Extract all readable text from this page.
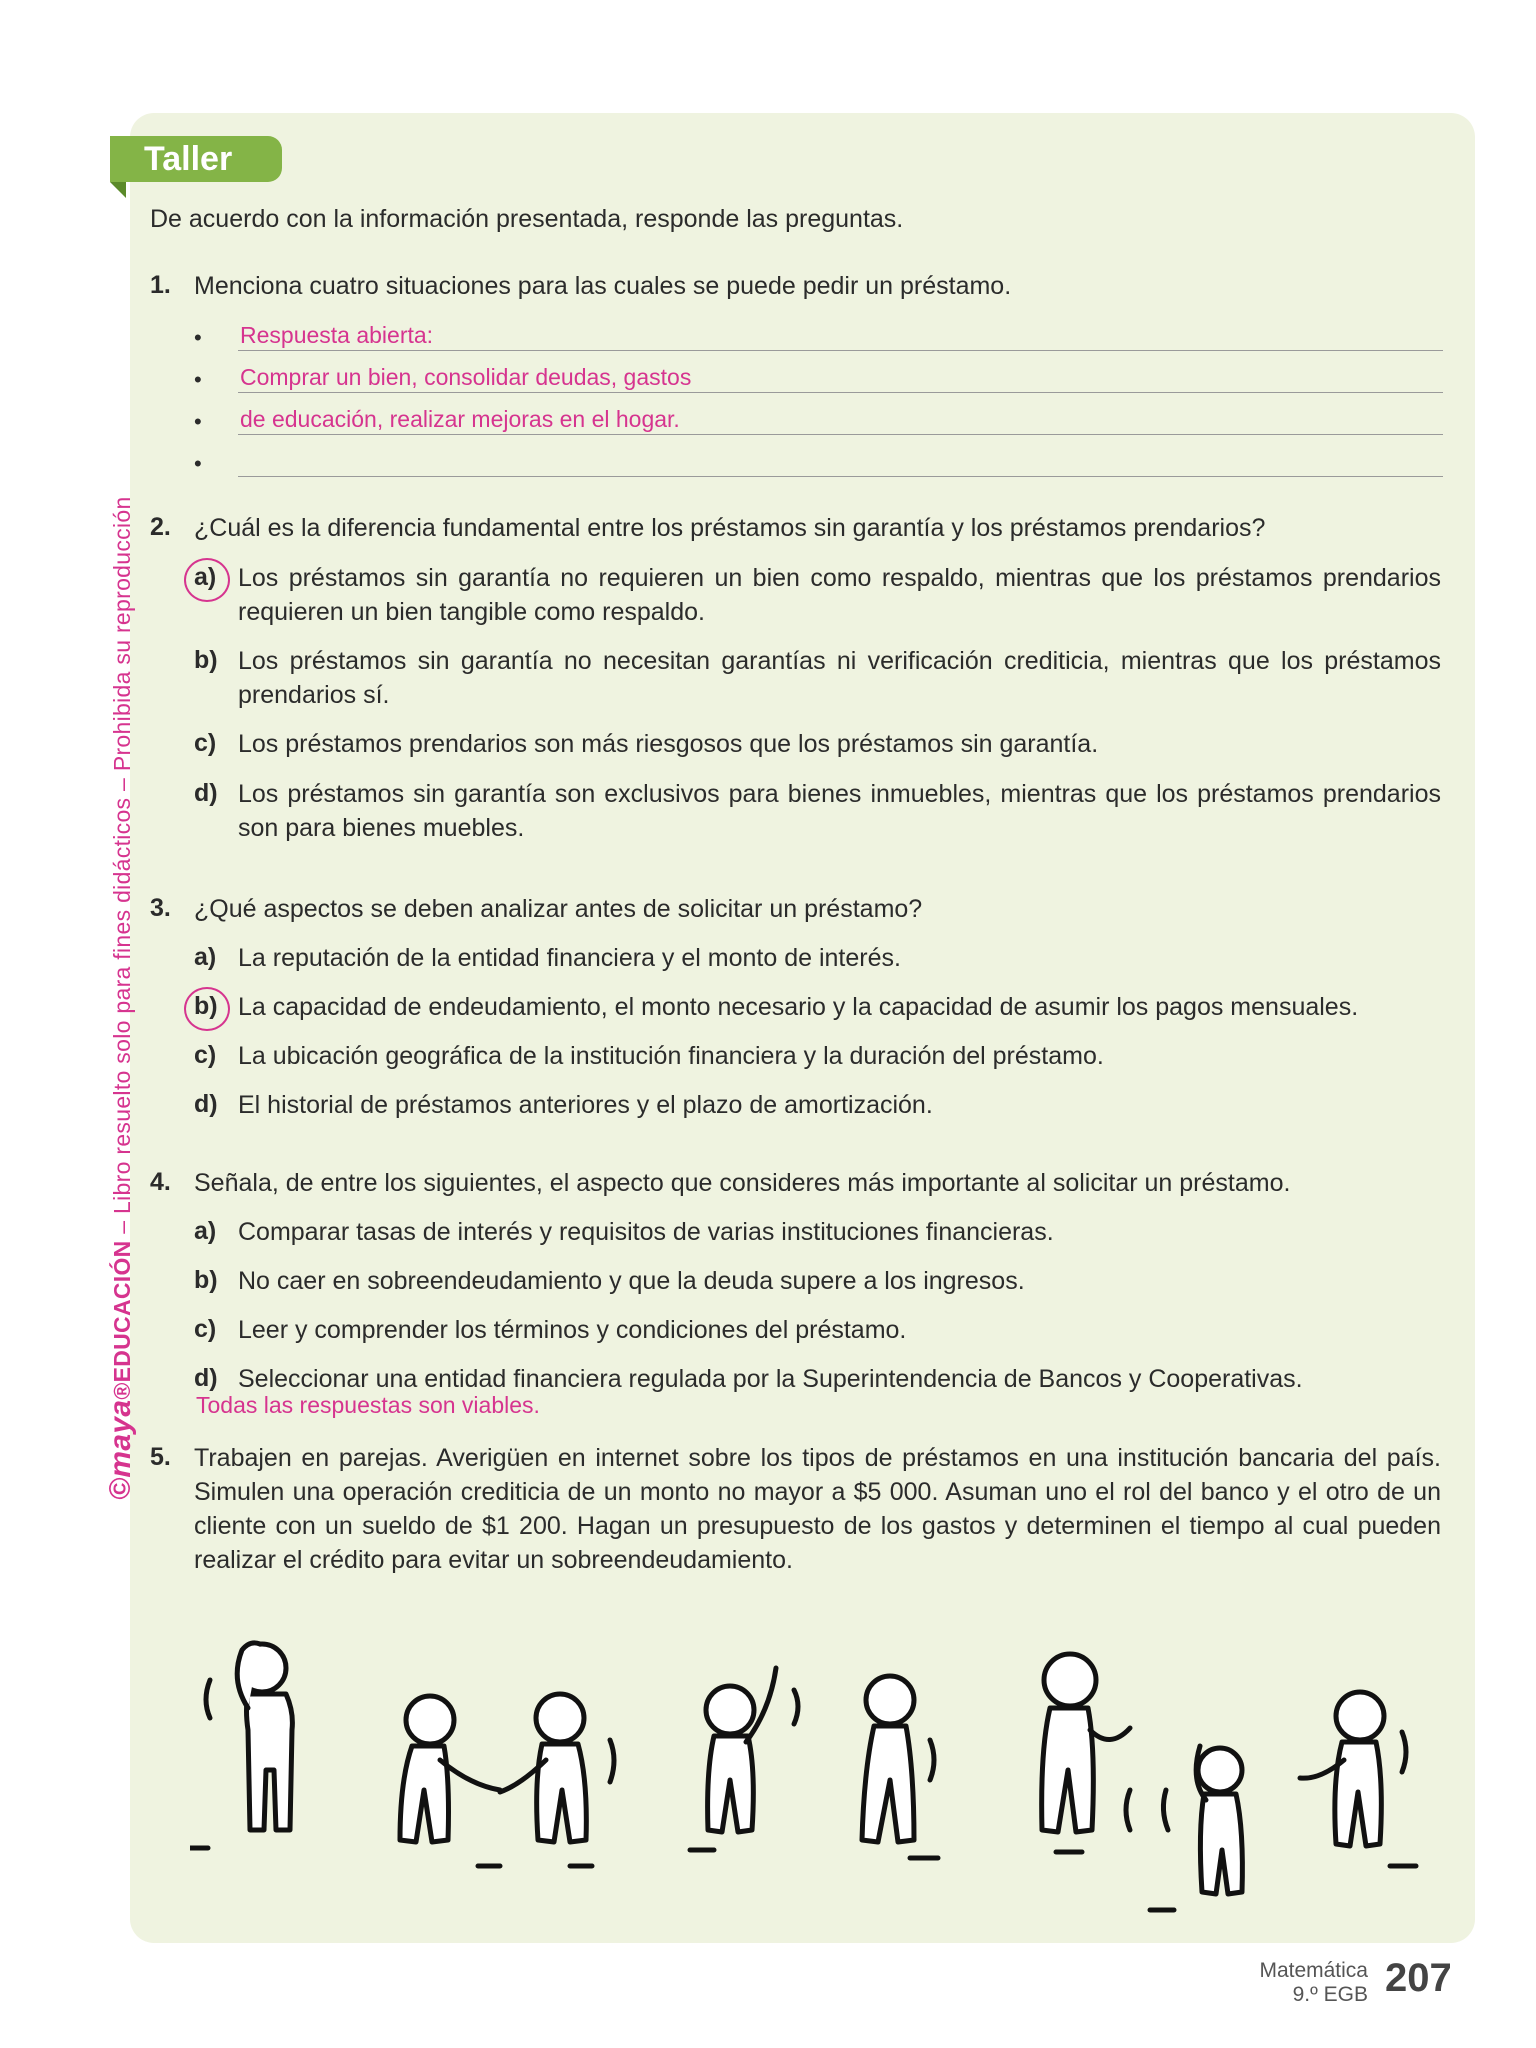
Taller
©maya®EDUCACIÓN – Libro resuelto solo para fines didácticos – Prohibida su reproducción
De acuerdo con la información presentada, responde las preguntas.
1. Menciona cuatro situaciones para las cuales se puede pedir un préstamo.
• Respuesta abierta:
• Comprar un bien, consolidar deudas, gastos
• de educación, realizar mejoras en el hogar.
•
2. ¿Cuál es la diferencia fundamental entre los préstamos sin garantía y los préstamos prendarios?
a) Los préstamos sin garantía no requieren un bien como respaldo, mientras que los préstamos prendarios requieren un bien tangible como respaldo.
b) Los préstamos sin garantía no necesitan garantías ni verificación crediticia, mientras que los préstamos prendarios sí.
c) Los préstamos prendarios son más riesgosos que los préstamos sin garantía.
d) Los préstamos sin garantía son exclusivos para bienes inmuebles, mientras que los préstamos prendarios son para bienes muebles.
3. ¿Qué aspectos se deben analizar antes de solicitar un préstamo?
a) La reputación de la entidad financiera y el monto de interés.
b) La capacidad de endeudamiento, el monto necesario y la capacidad de asumir los pagos mensuales.
c) La ubicación geográfica de la institución financiera y la duración del préstamo.
d) El historial de préstamos anteriores y el plazo de amortización.
4. Señala, de entre los siguientes, el aspecto que consideres más importante al solicitar un préstamo.
a) Comparar tasas de interés y requisitos de varias instituciones financieras.
b) No caer en sobreendeudamiento y que la deuda supere a los ingresos.
c) Leer y comprender los términos y condiciones del préstamo.
d) Seleccionar una entidad financiera regulada por la Superintendencia de Bancos y Cooperativas.
Todas las respuestas son viables.
5. Trabajen en parejas. Averigüen en internet sobre los tipos de préstamos en una institución bancaria del país. Simulen una operación crediticia de un monto no mayor a $5 000. Asuman uno el rol del banco y el otro de un cliente con un sueldo de $1 200. Hagan un presupuesto de los gastos y determinen el tiempo al cual pueden realizar el crédito para evitar un sobreendeudamiento.
Matemática
9.º EGB 207
